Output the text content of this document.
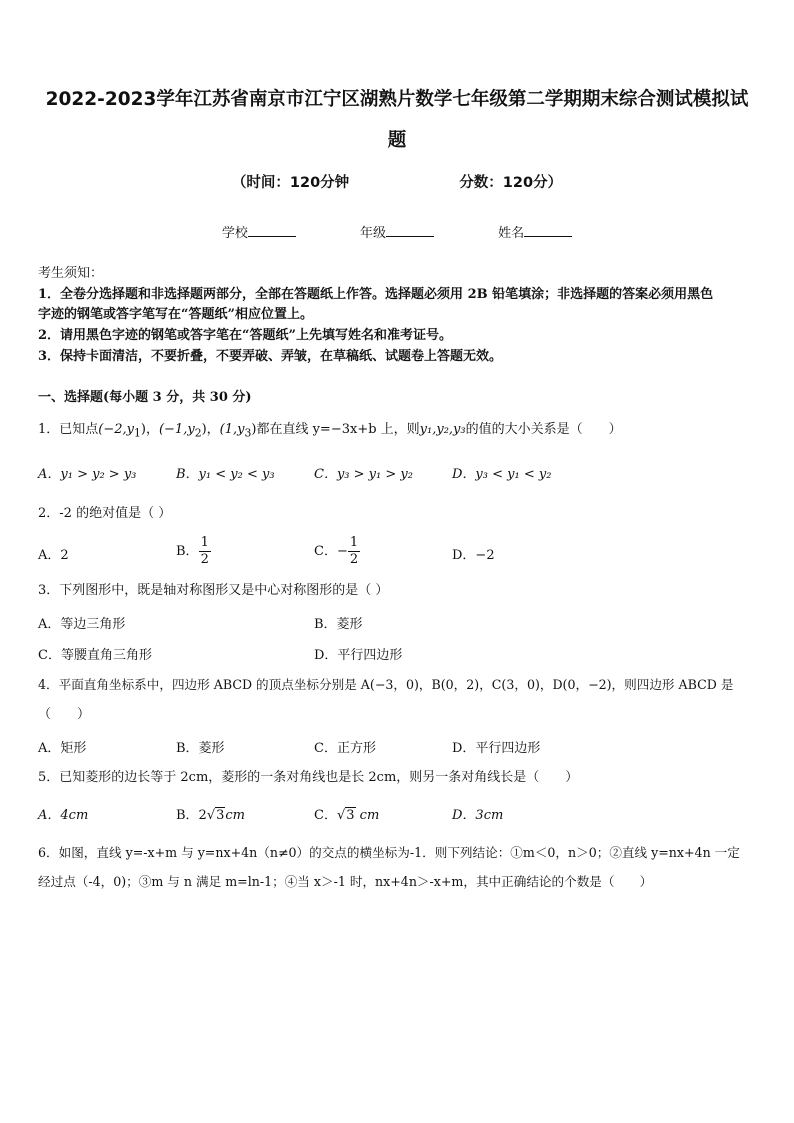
2022-2023学年江苏省南京市江宁区湖熟片数学七年级第二学期期末综合测试模拟试
题
（时间：120分钟	分数：120分）
学校	年级	姓名
考生须知：
1．全卷分选择题和非选择题两部分，全部在答题纸上作答。选择题必须用 2B 铅笔填涂；非选择题的答案必须用黑色
字迹的钢笔或答字笔写在“答题纸”相应位置上。
2．请用黑色字迹的钢笔或答字笔在“答题纸”上先填写姓名和准考证号。
3．保持卡面清洁，不要折叠，不要弄破、弄皱，在草稿纸、试题卷上答题无效。
一、选择题(每小题 3 分，共 30 分)
1．已知点$(-2,y_1)$，$(-1,y_2)$，$(1,y_3)$都在直线 y=−3x+b 上，则y₁,y₂,y₃的值的大小关系是（　　）
A．y₁ > y₂ > y₃	B．y₁ < y₂ < y₃	C．y₃ > y₁ > y₂	D．y₃ < y₁ < y₂
2．-2 的绝对值是（ ）
A．2	B． $\frac{1}{2}$	C．− $\frac{1}{2}$	D．−2
3．下列图形中，既是轴对称图形又是中心对称图形的是（ ）
A．等边三角形	B．菱形
C．等腰直角三角形	D．平行四边形
4．平面直角坐标系中，四边形 ABCD 的顶点坐标分别是 A(−3，0)，B(0，2)，C(3，0)，D(0，−2)，则四边形 ABCD 是
（　　）
A．矩形	B．菱形	C．正方形	D．平行四边形
5．已知菱形的边长等于 2cm，菱形的一条对角线也是长 2cm，则另一条对角线长是（　　）
A．4cm	B．2√3cm	C．√3 cm	D．3cm
6．如图，直线 y=-x+m 与 y=nx+4n（n≠0）的交点的横坐标为-1．则下列结论：①m＜0，n＞0；②直线 y=nx+4n 一定
经过点（-4，0)；③m 与 n 满足 m=ln-1；④当 x＞-1 时，nx+4n＞-x+m，其中正确结论的个数是（　　）
